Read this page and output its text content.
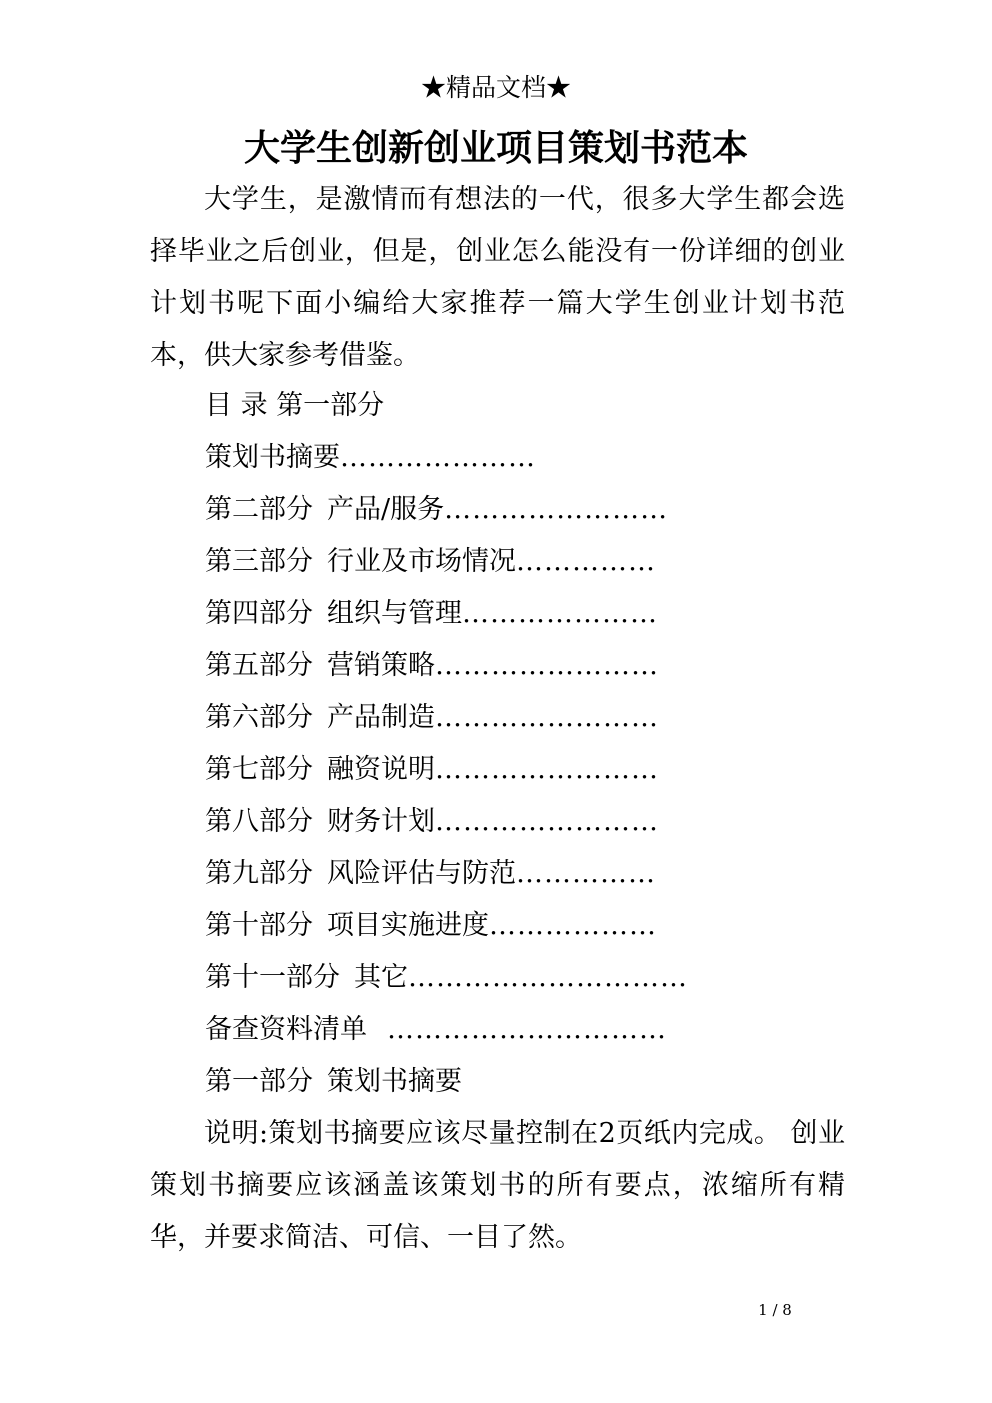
★精品文档★
大学生创新创业项目策划书范本

大学生，是激情而有想法的一代，很多大学生都会选择毕业之后创业，但是，创业怎么能没有一份详细的创业计划书呢下面小编给大家推荐一篇大学生创业计划书范本，供大家参考借鉴。

目 录 第一部分
策划书摘要…………………
第二部分 产品/服务……………………
第三部分 行业及市场情况……………
第四部分 组织与管理…………………
第五部分 营销策略……………………
第六部分 产品制造……………………
第七部分 融资说明……………………
第八部分 财务计划……………………
第九部分 风险评估与防范……………
第十部分 项目实施进度………………
第十一部分 其它…………………………
备查资料清单 …………………………
第一部分 策划书摘要

说明:策划书摘要应该尽量控制在2页纸内完成。 创业策划书摘要应该涵盖该策划书的所有要点，浓缩所有精华，并要求简洁、可信、一目了然。

1 / 8
